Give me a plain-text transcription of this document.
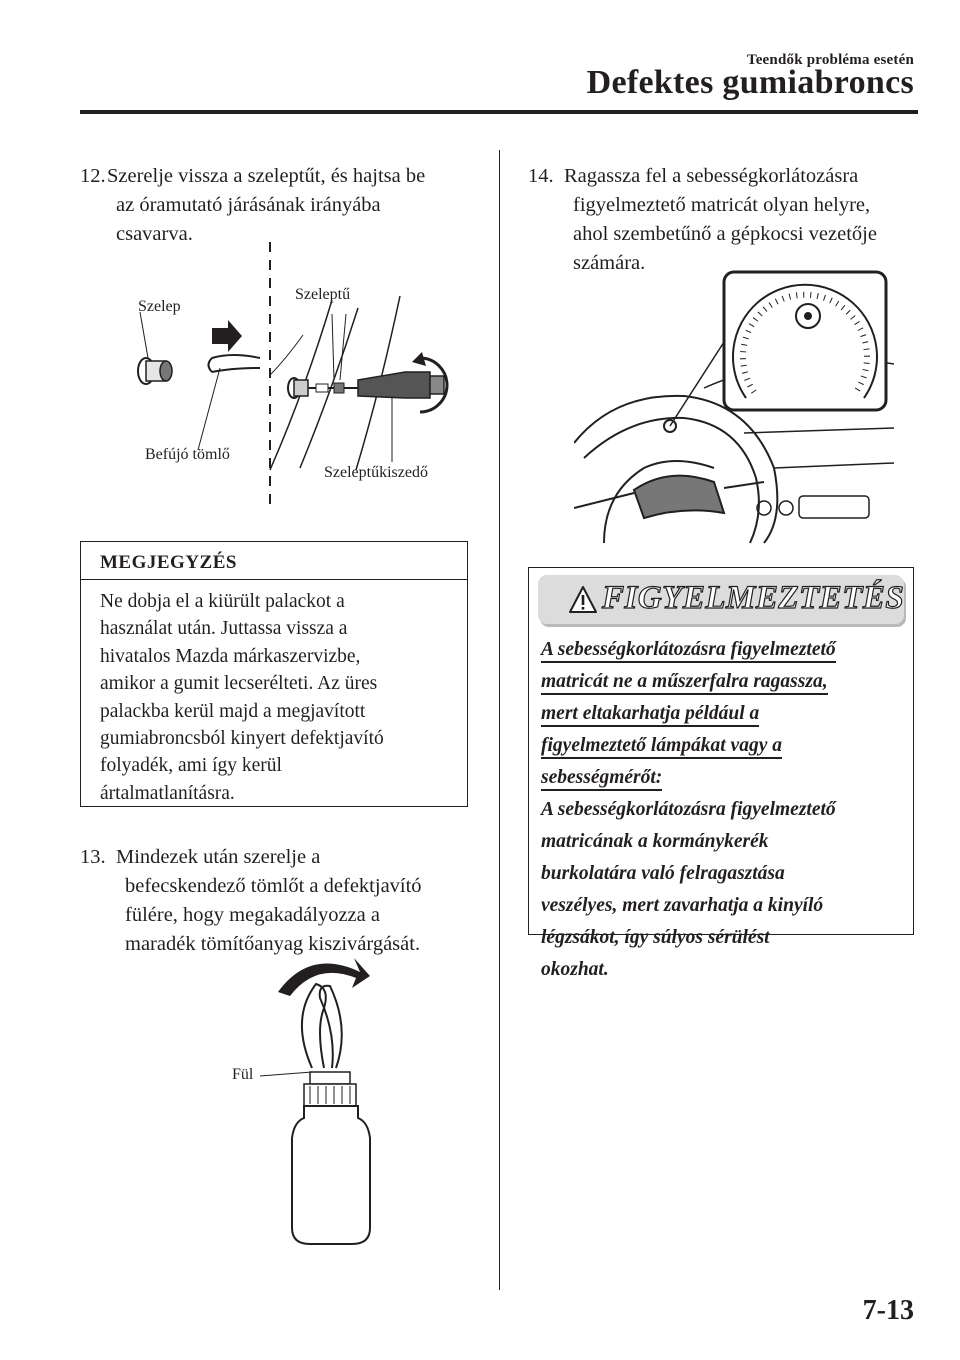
Teendők probléma esetén
Defektes gumiabroncs
12. Szerelje vissza a szeleptűt, és hajtsa be
az óramutató járásának irányába
csavarva.
Szelep
Szeleptű
Befújó tömlő
Szeleptűkiszedő
MEGJEGYZÉS
Ne dobja el a kiürült palackot a
használat után. Juttassa vissza a
hivatalos Mazda márkaszervizbe,
amikor a gumit lecserélteti. Az üres
palackba kerül majd a megjavított
gumiabroncsból kinyert defektjavító
folyadék, ami így kerül
ártalmatlanításra.
13. Mindezek után szerelje a
befecskendező tömlőt a defektjavító
fülére, hogy megakadályozza a
maradék tömítőanyag kiszivárgását.
Fül
14. Ragassza fel a sebességkorlátozásra
figyelmeztető matricát olyan helyre,
ahol szembetűnő a gépkocsi vezetője
számára.
FIGYELMEZTETÉS
A sebességkorlátozásra figyelmeztető
matricát ne a műszerfalra ragassza,
mert eltakarhatja például a
figyelmeztető lámpákat vagy a
sebességmérőt:
A sebességkorlátozásra figyelmeztető
matricának a kormánykerék
burkolatára való felragasztása
veszélyes, mert zavarhatja a kinyíló
légzsákot, így súlyos sérülést
okozhat.
7-13
